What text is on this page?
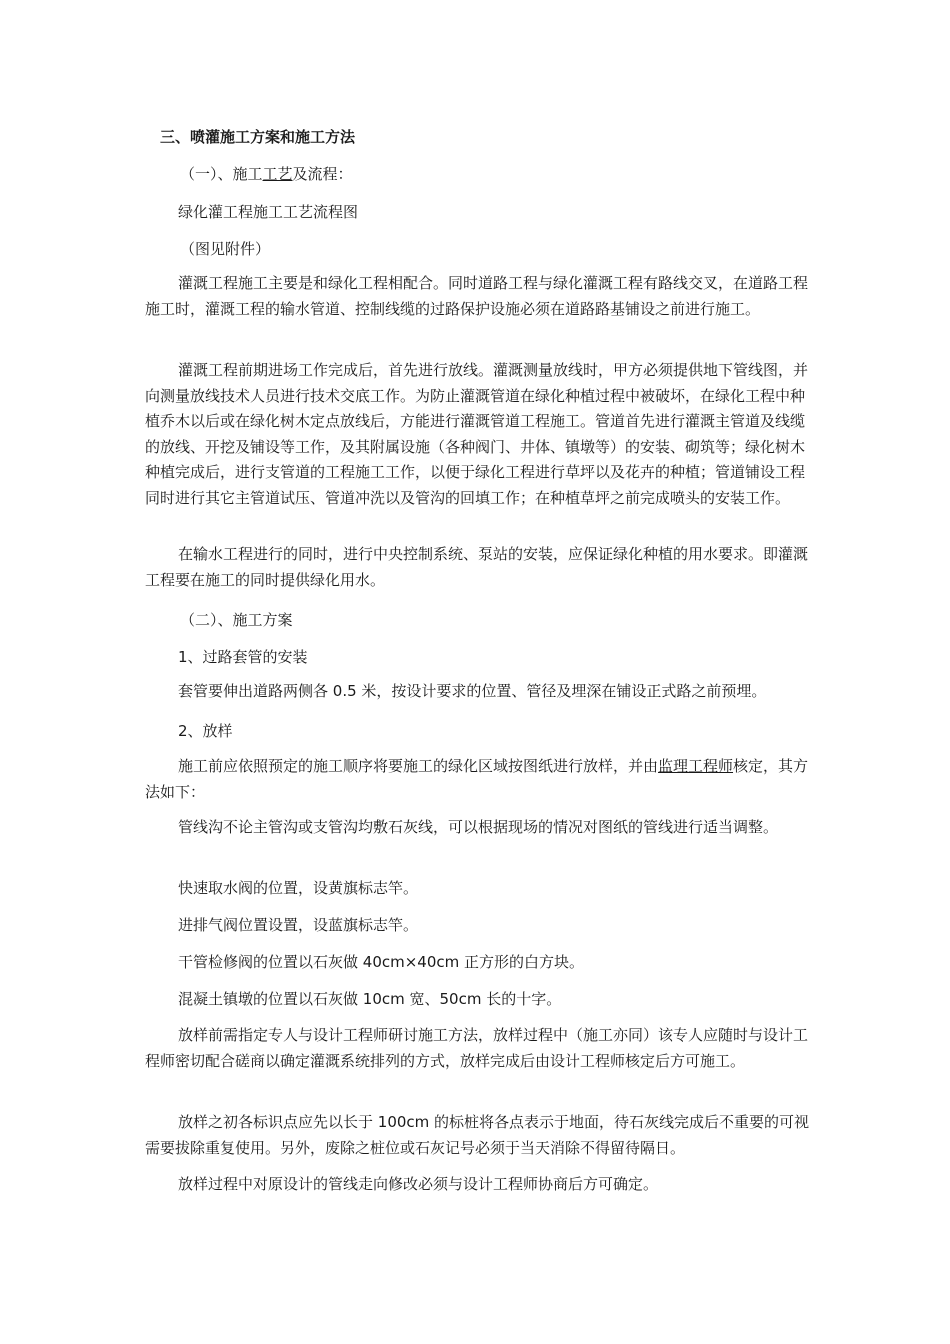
三、喷灌施工方案和施工方法
（一）、施工工艺及流程：
绿化灌工程施工工艺流程图
（图见附件）
灌溉工程施工主要是和绿化工程相配合。同时道路工程与绿化灌溉工程有路线交叉，在道路工程施工时，灌溉工程的输水管道、控制线缆的过路保护设施必须在道路路基铺设之前进行施工。
灌溉工程前期进场工作完成后，首先进行放线。灌溉测量放线时，甲方必须提供地下管线图，并向测量放线技术人员进行技术交底工作。为防止灌溉管道在绿化种植过程中被破坏，在绿化工程中种植乔木以后或在绿化树木定点放线后，方能进行灌溉管道工程施工。管道首先进行灌溉主管道及线缆的放线、开挖及铺设等工作，及其附属设施（各种阀门、井体、镇墩等）的安装、砌筑等；绿化树木种植完成后，进行支管道的工程施工工作，以便于绿化工程进行草坪以及花卉的种植；管道铺设工程同时进行其它主管道试压、管道冲洗以及管沟的回填工作；在种植草坪之前完成喷头的安装工作。
在输水工程进行的同时，进行中央控制系统、泵站的安装，应保证绿化种植的用水要求。即灌溉工程要在施工的同时提供绿化用水。
（二）、施工方案
1、过路套管的安装
套管要伸出道路两侧各 0.5 米，按设计要求的位置、管径及埋深在铺设正式路之前预埋。
2、放样
施工前应依照预定的施工顺序将要施工的绿化区域按图纸进行放样，并由监理工程师核定，其方法如下：
管线沟不论主管沟或支管沟均敷石灰线，可以根据现场的情况对图纸的管线进行适当调整。
快速取水阀的位置，设黄旗标志竿。
进排气阀位置设置，设蓝旗标志竿。
干管检修阀的位置以石灰做 40cm×40cm 正方形的白方块。
混凝土镇墩的位置以石灰做 10cm 宽、50cm 长的十字。
放样前需指定专人与设计工程师研讨施工方法，放样过程中（施工亦同）该专人应随时与设计工程师密切配合磋商以确定灌溉系统排列的方式，放样完成后由设计工程师核定后方可施工。
放样之初各标识点应先以长于 100cm 的标桩将各点表示于地面，待石灰线完成后不重要的可视需要拔除重复使用。另外，废除之桩位或石灰记号必须于当天消除不得留待隔日。
放样过程中对原设计的管线走向修改必须与设计工程师协商后方可确定。
